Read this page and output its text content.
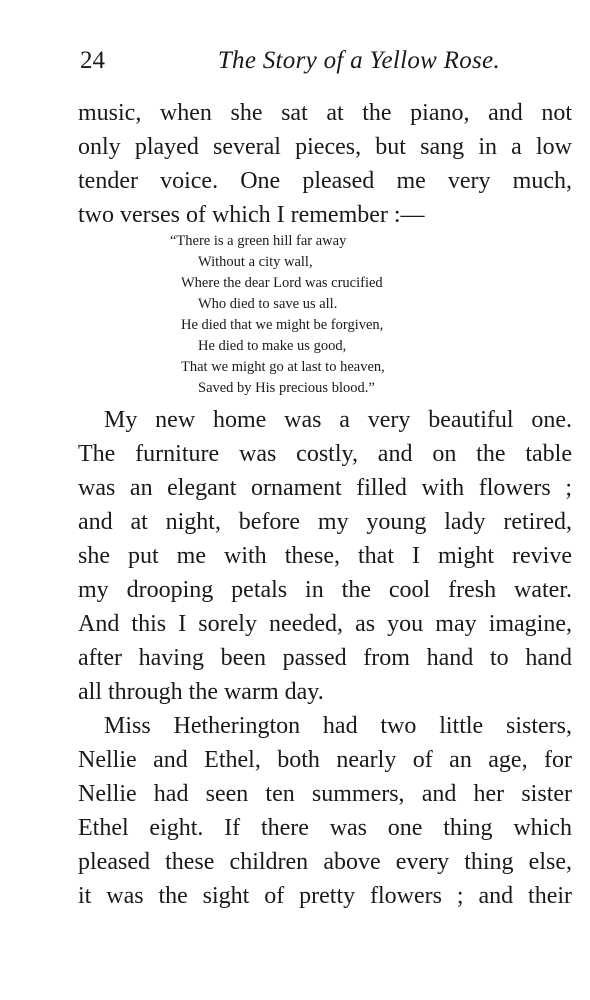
24	The Story of a Yellow Rose.
music, when she sat at the piano, and not
only played several pieces, but sang in a low
tender voice. One pleased me very much,
two verses of which I remember :—
“There is a green hill far away
Without a city wall,
Where the dear Lord was crucified
Who died to save us all.
He died that we might be forgiven,
He died to make us good,
That we might go at last to heaven,
Saved by His precious blood.”
My new home was a very beautiful one.
The furniture was costly, and on the table
was an elegant ornament filled with flowers ;
and at night, before my young lady retired,
she put me with these, that I might revive
my drooping petals in the cool fresh water.
And this I sorely needed, as you may imagine,
after having been passed from hand to hand
all through the warm day.
Miss Hetherington had two little sisters,
Nellie and Ethel, both nearly of an age, for
Nellie had seen ten summers, and her sister
Ethel eight. If there was one thing which
pleased these children above every thing else,
it was the sight of pretty flowers ; and their
